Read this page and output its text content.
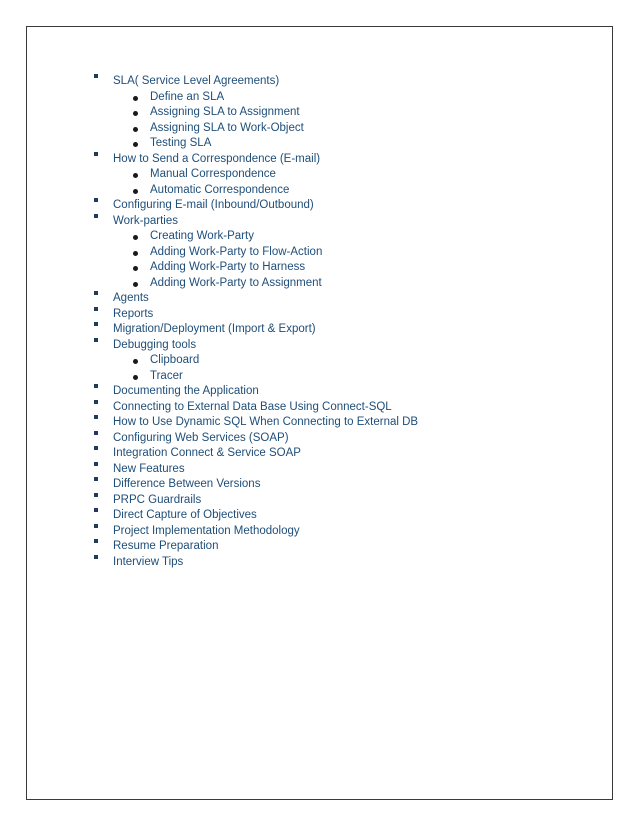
SLA( Service Level Agreements)
Define an SLA
Assigning SLA to Assignment
Assigning SLA to Work-Object
Testing SLA
How to Send a Correspondence (E-mail)
Manual Correspondence
Automatic Correspondence
Configuring E-mail (Inbound/Outbound)
Work-parties
Creating Work-Party
Adding Work-Party to Flow-Action
Adding Work-Party to Harness
Adding Work-Party to Assignment
Agents
Reports
Migration/Deployment (Import & Export)
Debugging tools
Clipboard
Tracer
Documenting the Application
Connecting to External Data Base Using Connect-SQL
How to Use Dynamic SQL When Connecting to External DB
Configuring Web Services (SOAP)
Integration Connect & Service SOAP
New Features
Difference Between Versions
PRPC Guardrails
Direct Capture of Objectives
Project Implementation Methodology
Resume Preparation
Interview Tips
